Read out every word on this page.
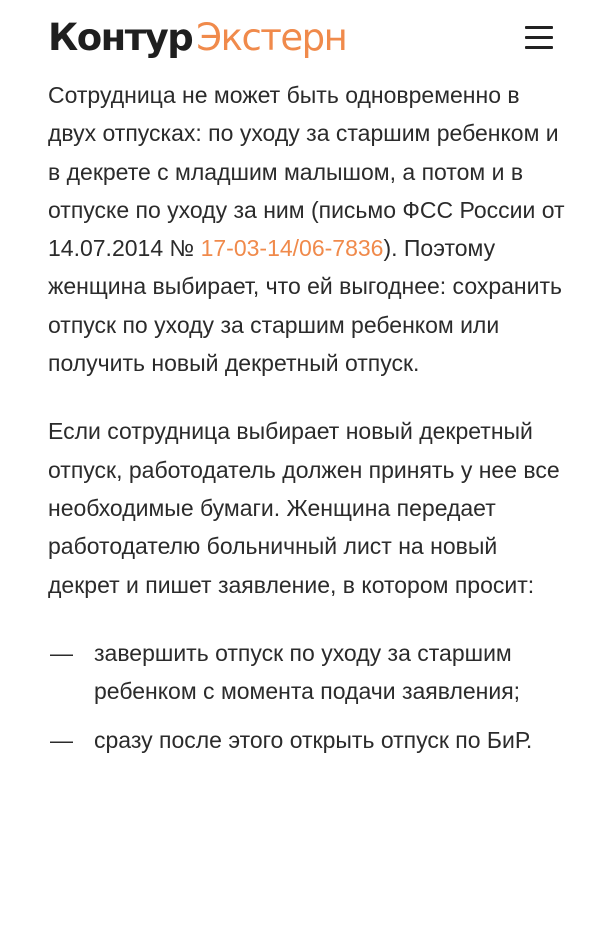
Контур Экстерн

Сотрудница не может быть одновременно в двух отпусках: по уходу за старшим ребенком и в декрете с младшим малышом, а потом и в отпуске по уходу за ним (письмо ФСС России от 14.07.2014 № 17-03-14/06-7836). Поэтому женщина выбирает, что ей выгоднее: сохранить отпуск по уходу за старшим ребенком или получить новый декретный отпуск.

Если сотрудница выбирает новый декретный отпуск, работодатель должен принять у нее все необходимые бумаги. Женщина передает работодателю больничный лист на новый декрет и пишет заявление, в котором просит:

— завершить отпуск по уходу за старшим ребенком с момента подачи заявления;
— сразу после этого открыть отпуск по БиР.
